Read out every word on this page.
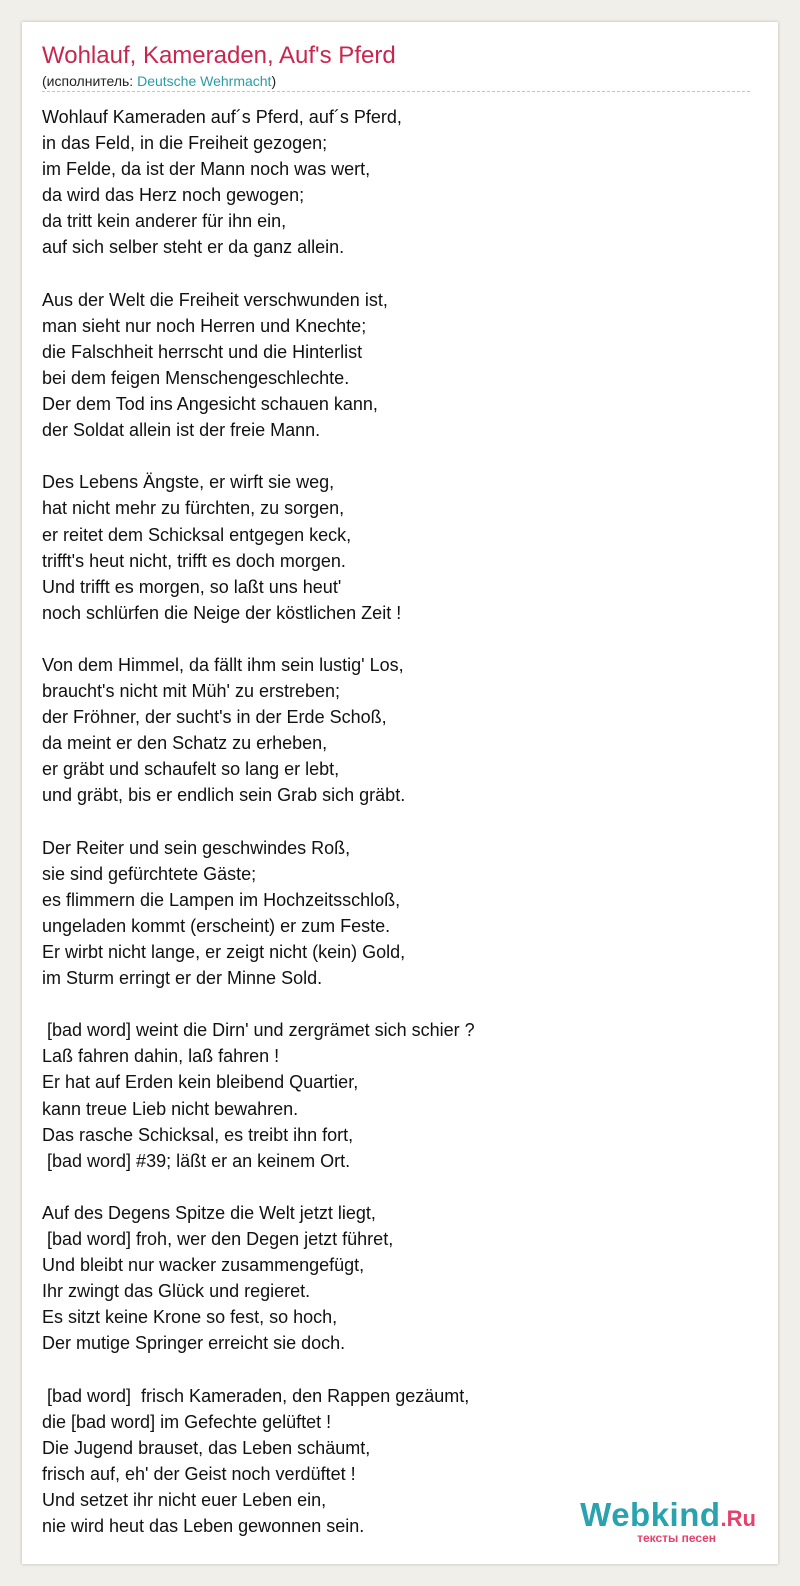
Wohlauf, Kameraden, Auf's Pferd
(исполнитель: Deutsche Wehrmacht)

Wohlauf Kameraden auf´s Pferd, auf´s Pferd,
in das Feld, in die Freiheit gezogen;
im Felde, da ist der Mann noch was wert,
da wird das Herz noch gewogen;
da tritt kein anderer für ihn ein,
auf sich selber steht er da ganz allein.

Aus der Welt die Freiheit verschwunden ist,
man sieht nur noch Herren und Knechte;
die Falschheit herrscht und die Hinterlist
bei dem feigen Menschengeschlechte.
Der dem Tod ins Angesicht schauen kann,
der Soldat allein ist der freie Mann.

Des Lebens Ängste, er wirft sie weg,
hat nicht mehr zu fürchten, zu sorgen,
er reitet dem Schicksal entgegen keck,
trifft's heut nicht, trifft es doch morgen.
Und trifft es morgen, so laßt uns heut'
noch schlürfen die Neige der köstlichen Zeit !

Von dem Himmel, da fällt ihm sein lustig' Los,
braucht's nicht mit Müh' zu erstreben;
der Fröhner, der sucht's in der Erde Schoß,
da meint er den Schatz zu erheben,
er gräbt und schaufelt so lang er lebt,
und gräbt, bis er endlich sein Grab sich gräbt.

Der Reiter und sein geschwindes Roß,
sie sind gefürchtete Gäste;
es flimmern die Lampen im Hochzeitsschloß,
ungeladen kommt (erscheint) er zum Feste.
Er wirbt nicht lange, er zeigt nicht (kein) Gold,
im Sturm erringt er der Minne Sold.

[bad word] weint die Dirn' und zergrämet sich schier ?
Laß fahren dahin, laß fahren !
Er hat auf Erden kein bleibend Quartier,
kann treue Lieb nicht bewahren.
Das rasche Schicksal, es treibt ihn fort,
[bad word] #39; läßt er an keinem Ort.

Auf des Degens Spitze die Welt jetzt liegt,
[bad word] froh, wer den Degen jetzt führet,
Und bleibt nur wacker zusammengefügt,
Ihr zwingt das Glück und regieret.
Es sitzt keine Krone so fest, so hoch,
Der mutige Springer erreicht sie doch.

[bad word]  frisch Kameraden, den Rappen gezäumt,
die [bad word] im Gefechte gelüftet !
Die Jugend brauset, das Leben schäumt,
frisch auf, eh' der Geist noch verdüftet !
Und setzet ihr nicht euer Leben ein,
nie wird heut das Leben gewonnen sein.	Webkind.Ru
тексты песен
